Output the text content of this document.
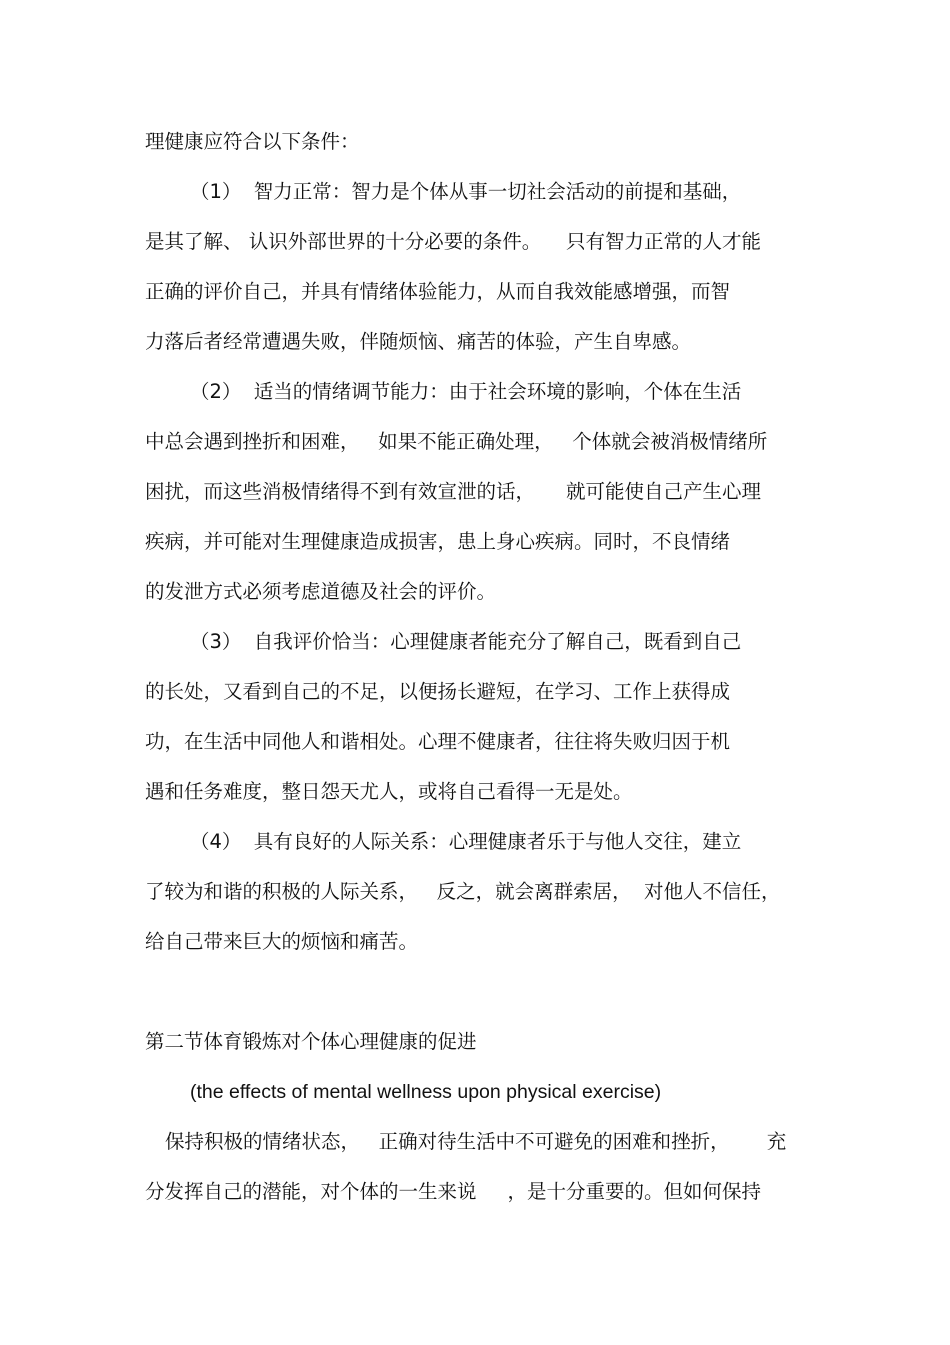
理健康应符合以下条件：
（1）  智力正常：智力是个体从事一切社会活动的前提和基础，
是其了解、 认识外部世界的十分必要的条件。    只有智力正常的人才能
正确的评价自己，并具有情绪体验能力，从而自我效能感增强，而智
力落后者经常遭遇失败，伴随烦恼、痛苦的体验，产生自卑感。
（2）  适当的情绪调节能力：由于社会环境的影响，个体在生活
中总会遇到挫折和困难，   如果不能正确处理，   个体就会被消极情绪所
困扰，而这些消极情绪得不到有效宣泄的话，     就可能使自己产生心理
疾病，并可能对生理健康造成损害，患上身心疾病。同时，不良情绪
的发泄方式必须考虑道德及社会的评价。
（3）  自我评价恰当：心理健康者能充分了解自己，既看到自己
的长处，又看到自己的不足，以便扬长避短，在学习、工作上获得成
功，在生活中同他人和谐相处。心理不健康者，往往将失败归因于机
遇和任务难度，整日怨天尤人，或将自己看得一无是处。
（4）  具有良好的人际关系：心理健康者乐于与他人交往，建立
了较为和谐的积极的人际关系，   反之，就会离群索居，  对他人不信任，
给自己带来巨大的烦恼和痛苦。
第二节体育锻炼对个体心理健康的促进
(the effects of mental wellness upon physical exercise)
保持积极的情绪状态，   正确对待生活中不可避免的困难和挫折，      充
分发挥自己的潜能，对个体的一生来说     ，是十分重要的。但如何保持
